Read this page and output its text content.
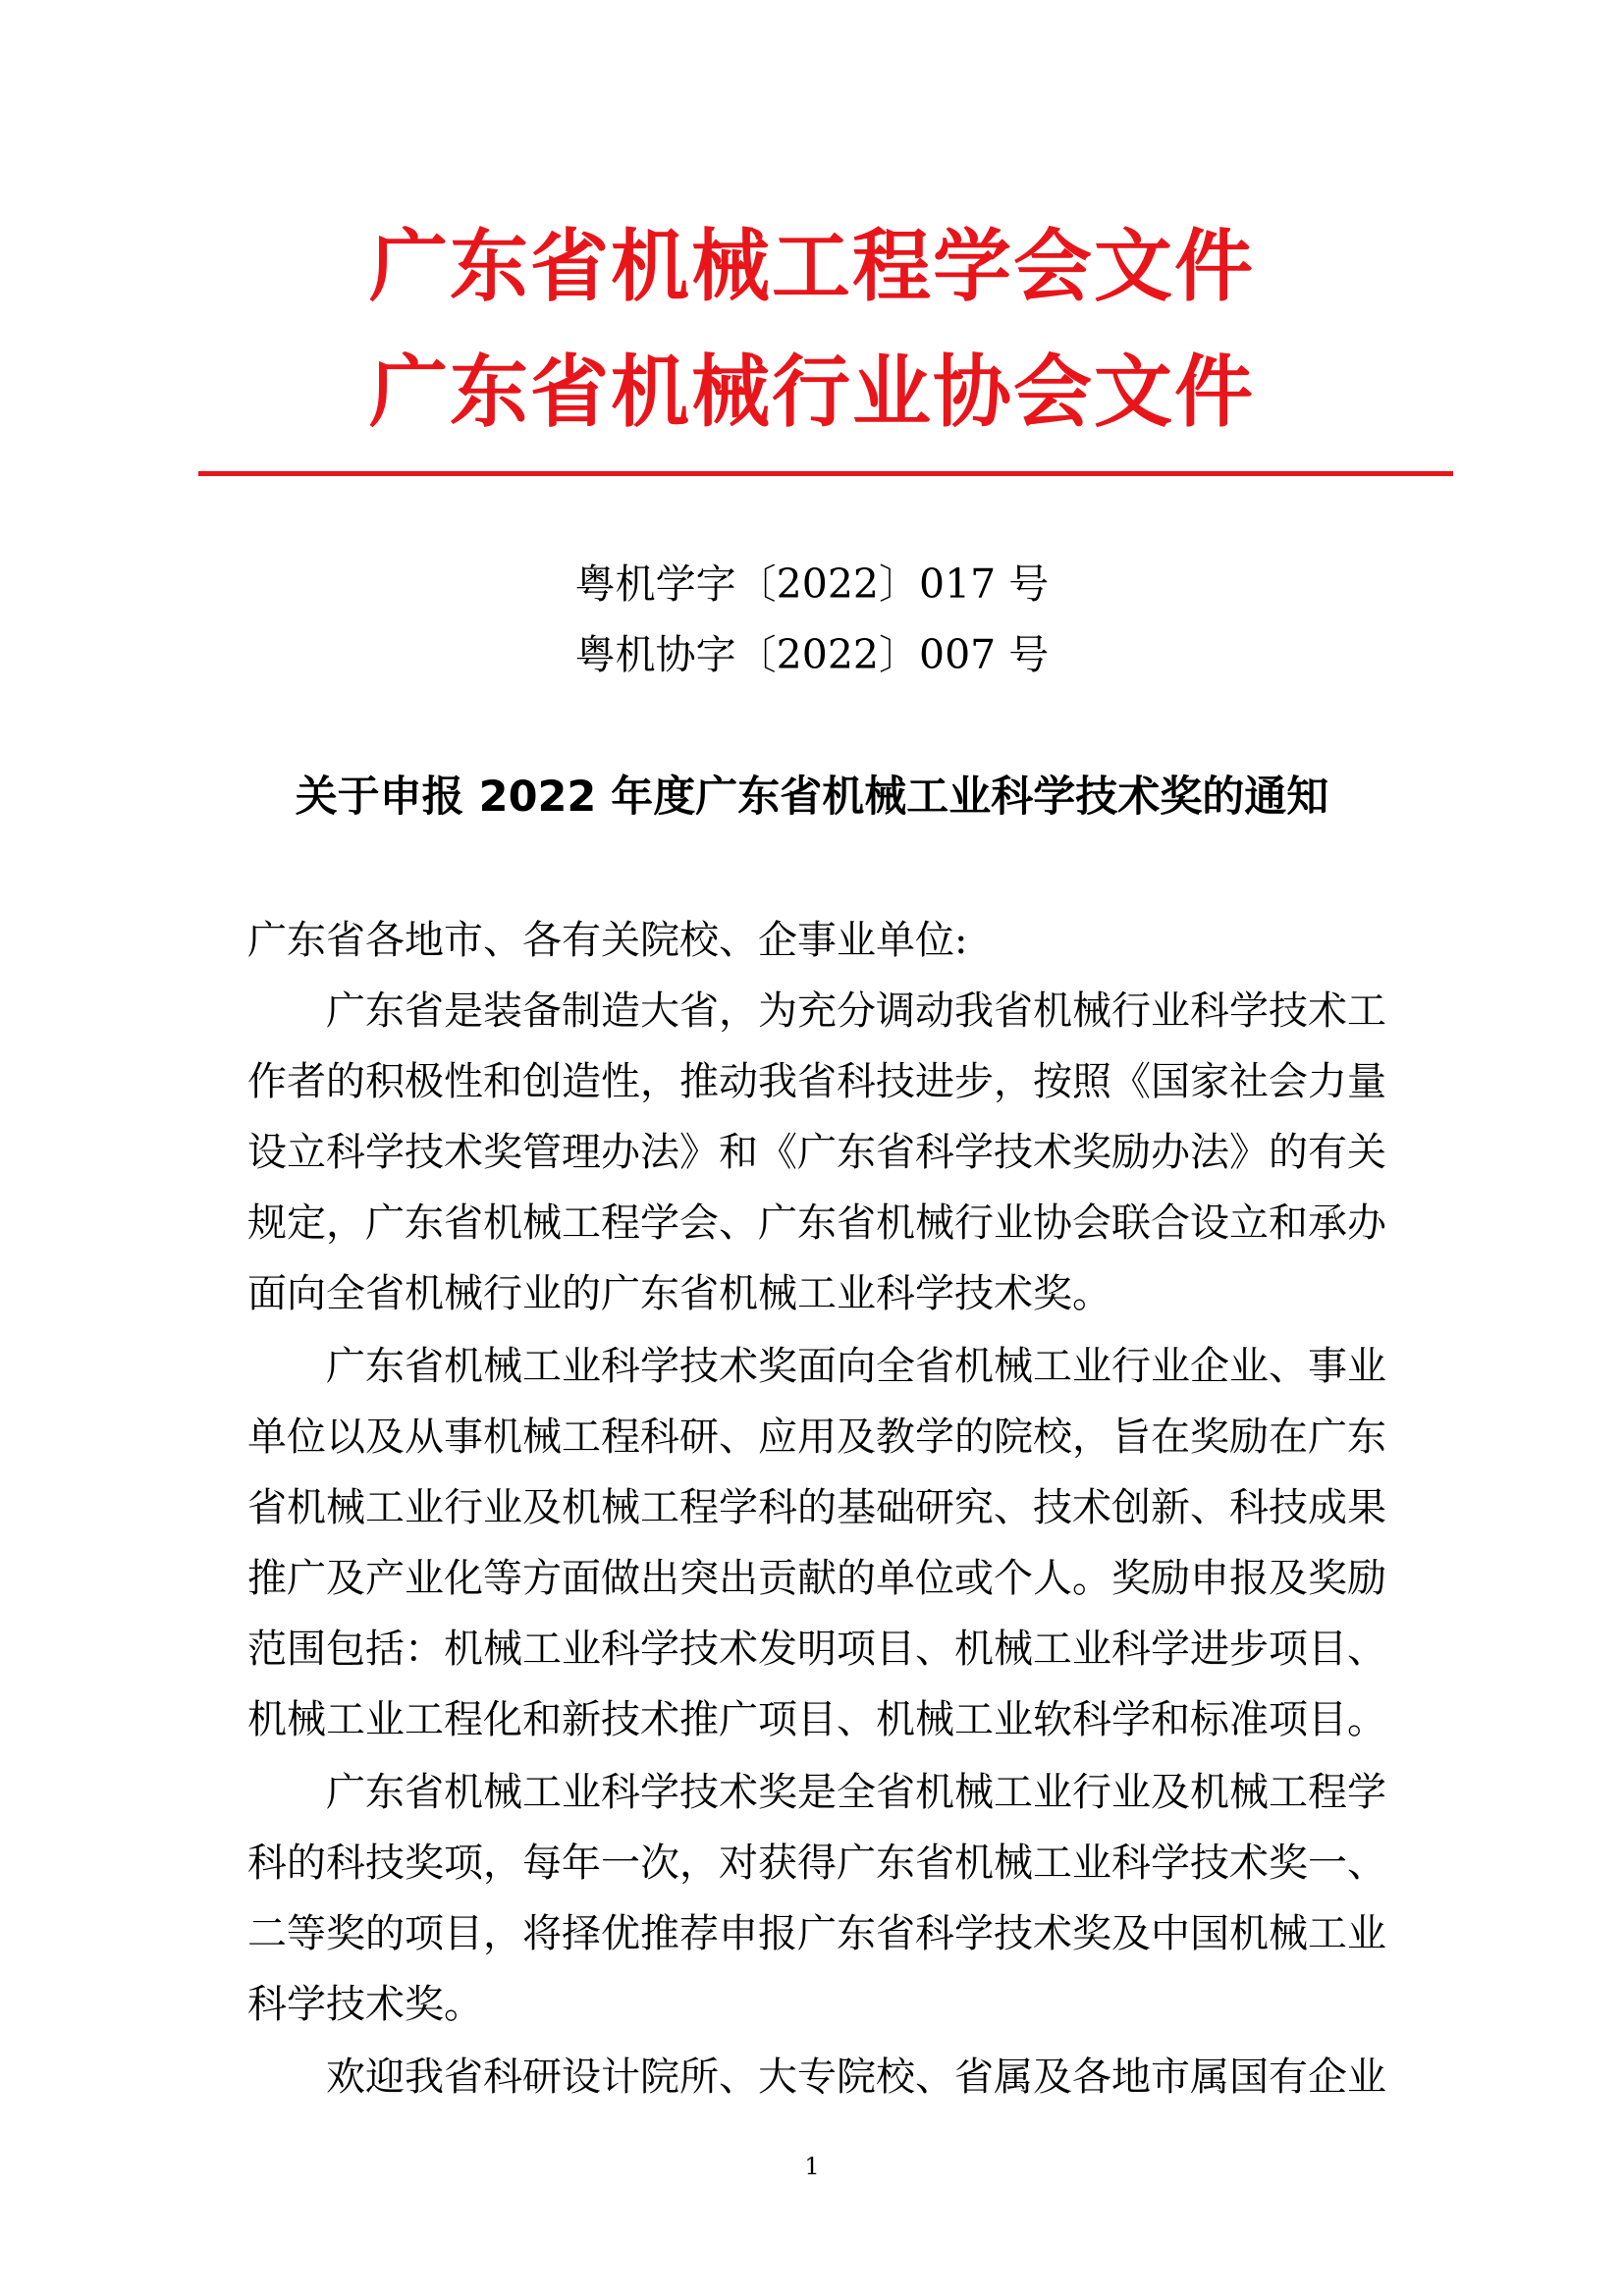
广东省机械工程学会文件
广东省机械行业协会文件
粤机学字〔2022〕017 号
粤机协字〔2022〕007 号
关于申报 2022 年度广东省机械工业科学技术奖的通知
广东省各地市、各有关院校、企事业单位:
广东省是装备制造大省，为充分调动我省机械行业科学技术工作者的积极性和创造性，推动我省科技进步，按照《国家社会力量设立科学技术奖管理办法》和《广东省科学技术奖励办法》的有关规定，广东省机械工程学会、广东省机械行业协会联合设立和承办面向全省机械行业的广东省机械工业科学技术奖。
广东省机械工业科学技术奖面向全省机械工业行业企业、事业单位以及从事机械工程科研、应用及教学的院校，旨在奖励在广东省机械工业行业及机械工程学科的基础研究、技术创新、科技成果推广及产业化等方面做出突出贡献的单位或个人。奖励申报及奖励范围包括：机械工业科学技术发明项目、机械工业科学进步项目、机械工业工程化和新技术推广项目、机械工业软科学和标准项目。
广东省机械工业科学技术奖是全省机械工业行业及机械工程学科的科技奖项，每年一次，对获得广东省机械工业科学技术奖一、二等奖的项目，将择优推荐申报广东省科学技术奖及中国机械工业科学技术奖。
欢迎我省科研设计院所、大专院校、省属及各地市属国有企业
1
